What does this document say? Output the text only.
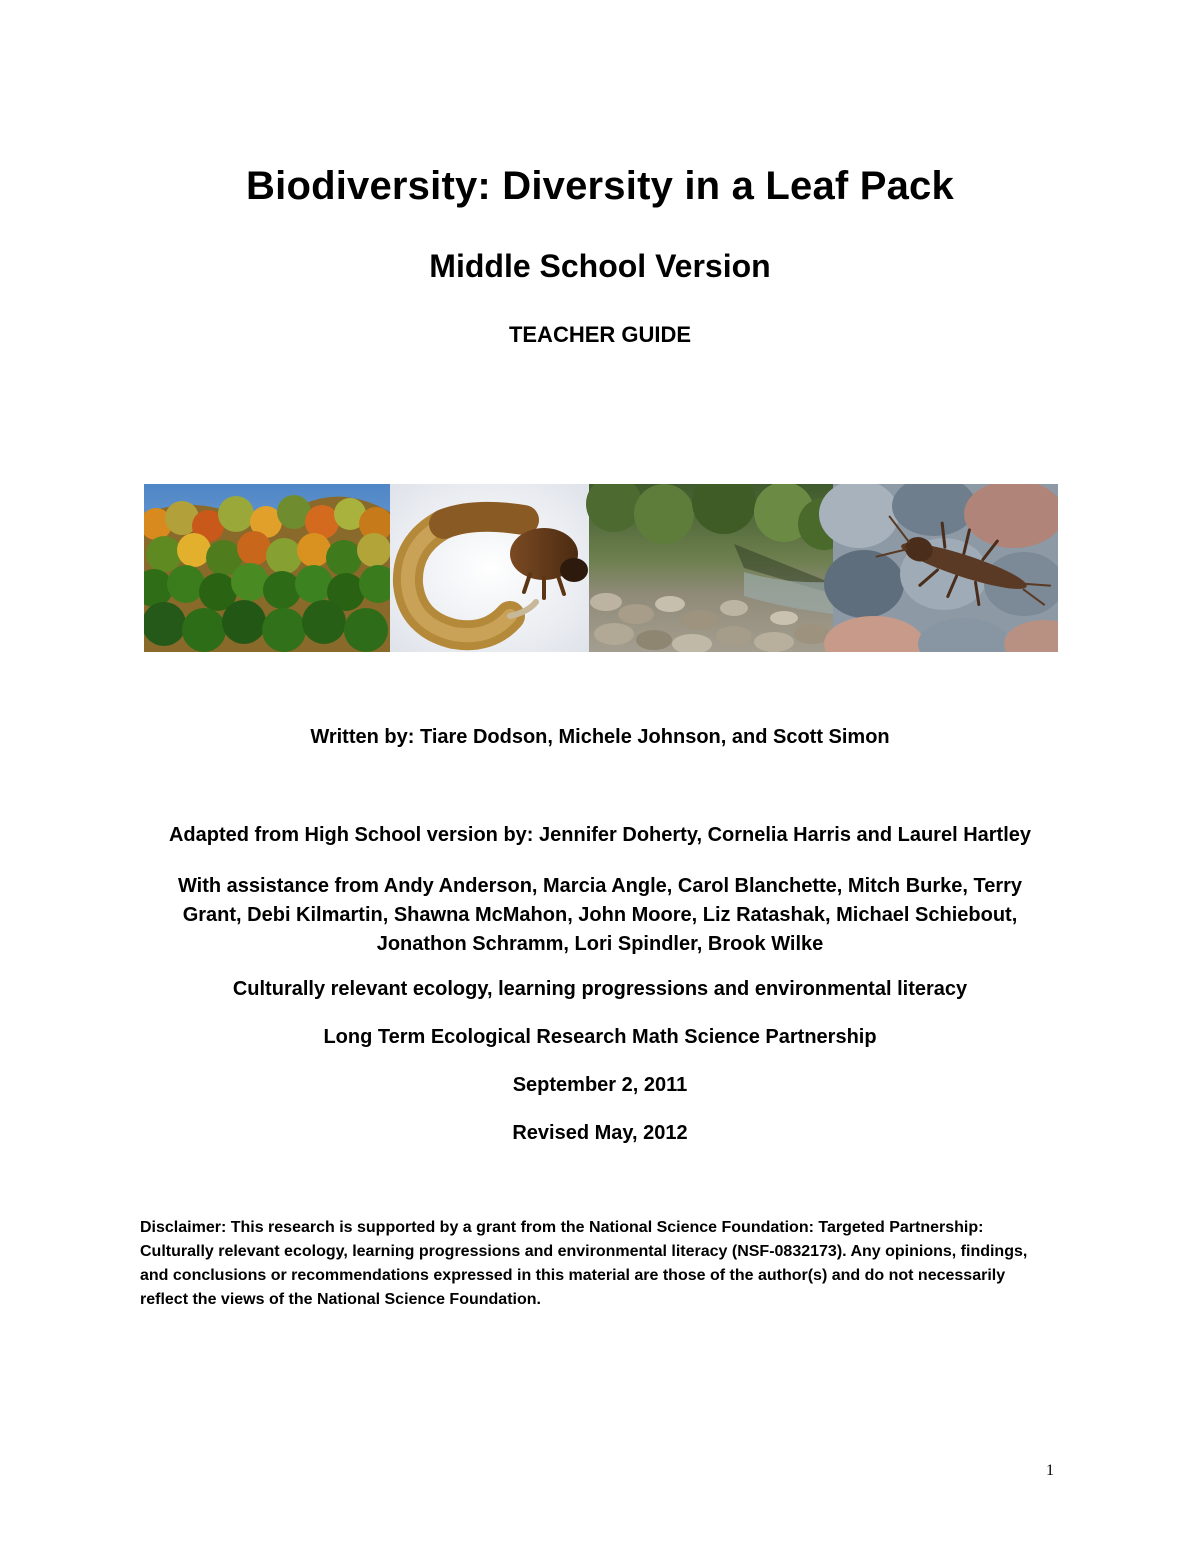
Biodiversity: Diversity in a Leaf Pack
Middle School Version
TEACHER GUIDE
Written by: Tiare Dodson, Michele Johnson, and Scott Simon
Adapted from High School version by: Jennifer Doherty, Cornelia Harris and Laurel Hartley
With assistance from Andy Anderson, Marcia Angle, Carol Blanchette, Mitch Burke, Terry Grant, Debi Kilmartin, Shawna McMahon, John Moore, Liz Ratashak, Michael Schiebout, Jonathon Schramm, Lori Spindler, Brook Wilke
Culturally relevant ecology, learning progressions and environmental literacy
Long Term Ecological Research Math Science Partnership
September 2, 2011
Revised May, 2012
Disclaimer: This research is supported by a grant from the National Science Foundation: Targeted Partnership: Culturally relevant ecology, learning progressions and environmental literacy (NSF-0832173). Any opinions, findings, and conclusions or recommendations expressed in this material are those of the author(s) and do not necessarily reflect the views of the National Science Foundation.
1
